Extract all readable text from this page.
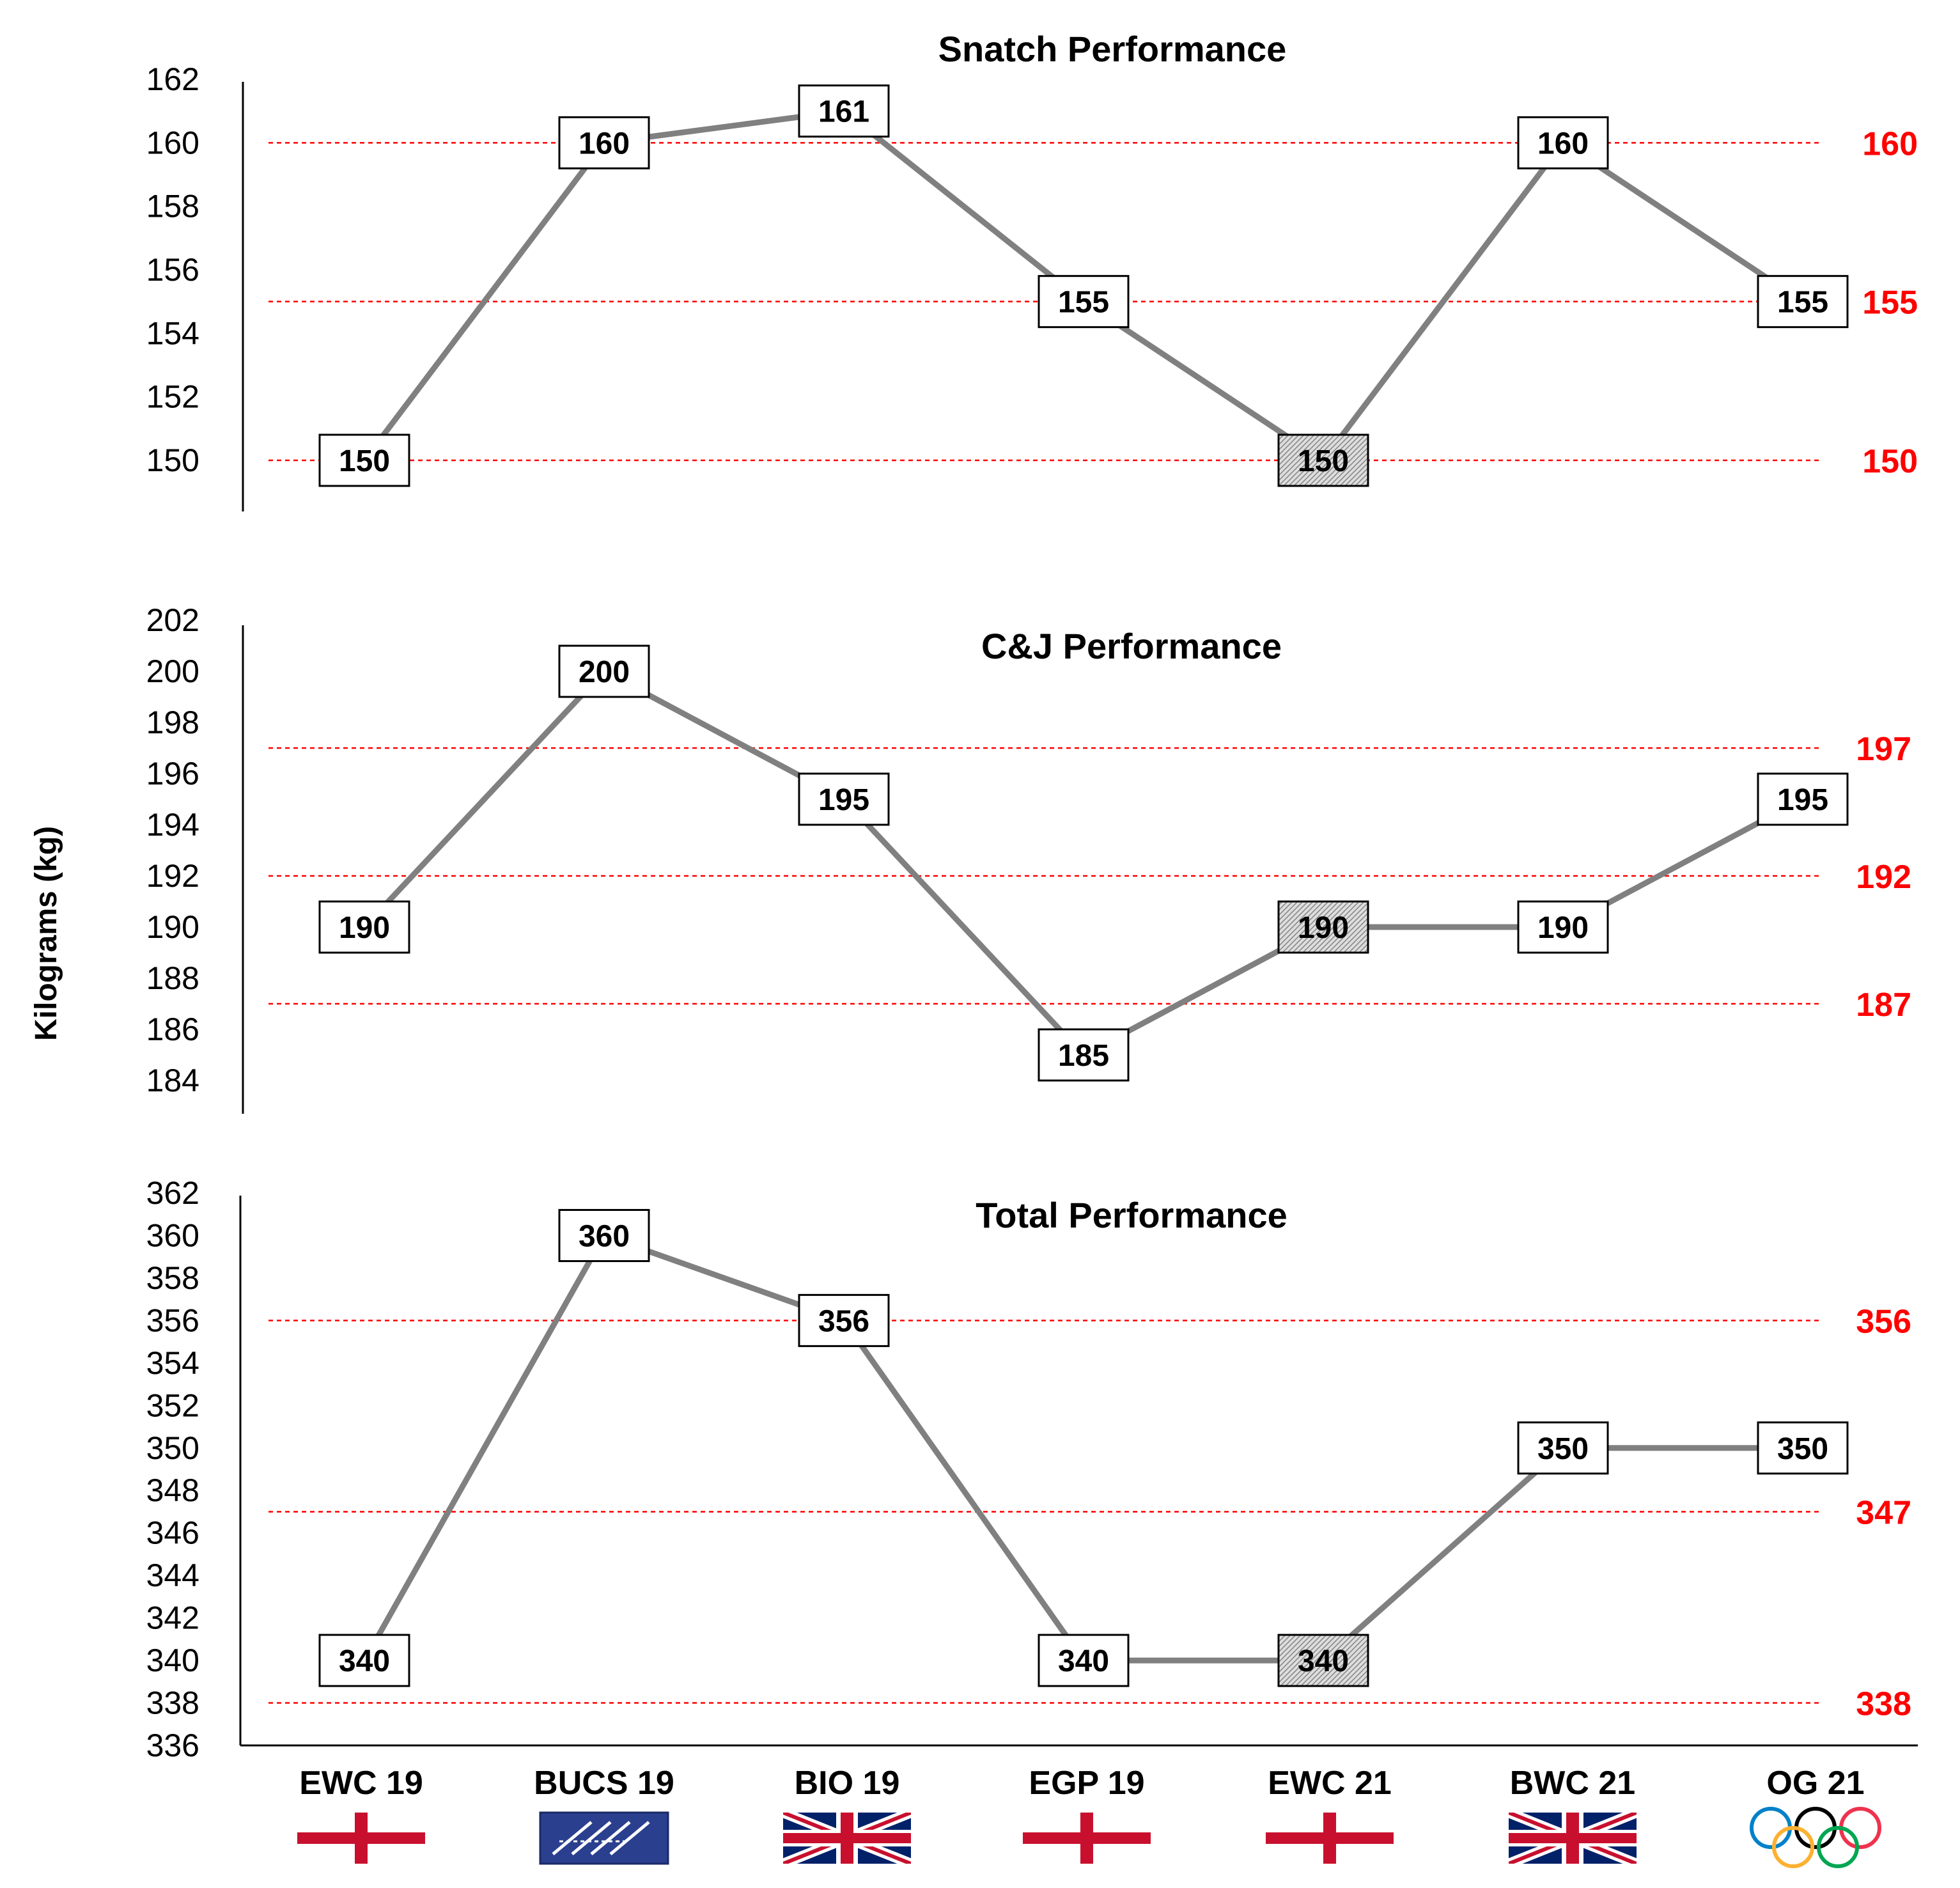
Kilograms (kg)
Snatch Performance
150
152
154
156
158
160
162
160
155
150
150
160
161
155
150
160
155
C&J Performance
184
186
188
190
192
194
196
198
200
202
197
192
187
190
200
195
185
190	190
195
Total Performance
336
338
340
342
344
346
348
350
352
354
356
358
360
362
356
347
338
340
360
356
340	340
350	350
EWC 19	BUCS 19	BIO 19	EGP 19	EWC 21	BWC 21	OG 21
